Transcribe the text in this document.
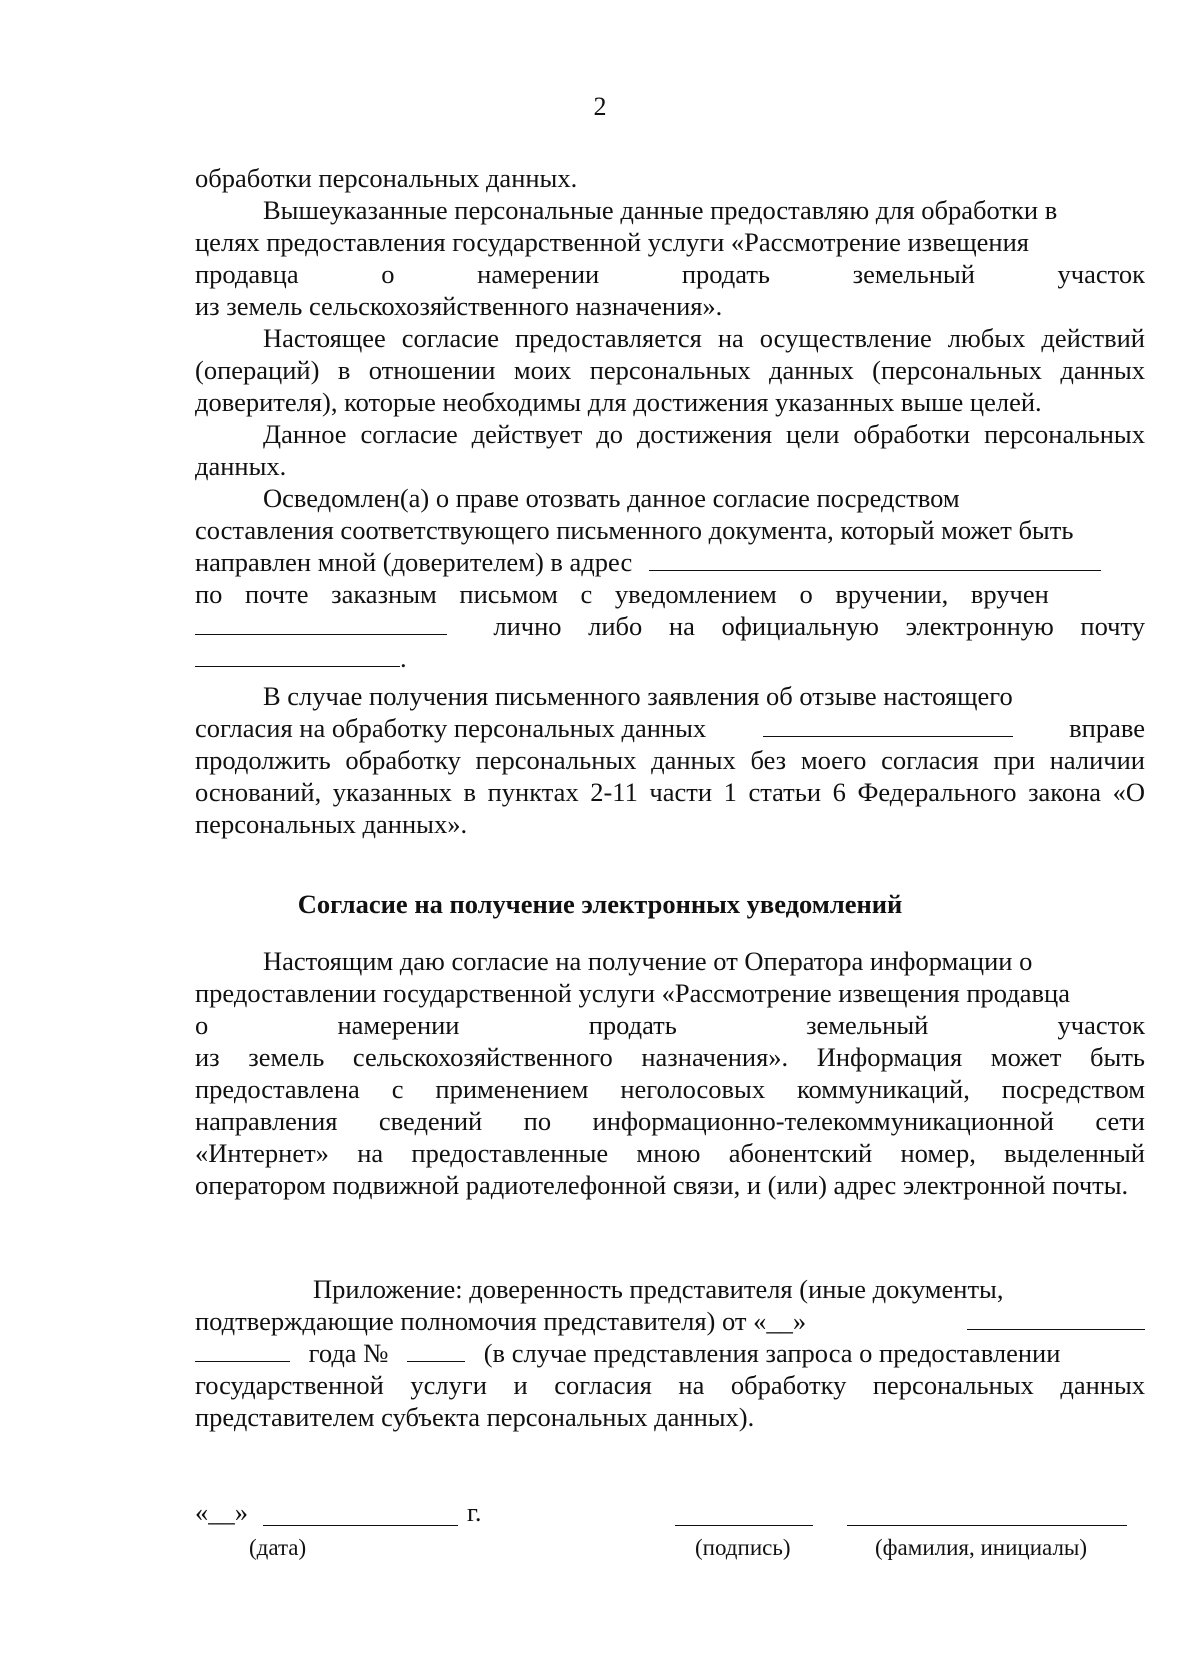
2

обработки персональных данных.

Вышеуказанные персональные данные предоставляю для обработки в

целях предоставления государственной услуги «Рассмотрение извещения

продавца	о	намерении	продать	земельный	участок

из земель сельскохозяйственного назначения».

Настоящее согласие предоставляется на осуществление любых действий (операций) в отношении моих персональных данных (персональных данных доверителя), которые необходимы для достижения указанных выше целей.

Данное согласие действует до достижения цели обработки персональных данных.

Осведомлен(а) о праве отозвать данное согласие посредством

составления соответствующего письменного документа, который может быть

направлен мной (доверителем) в адрес
по почте заказным письмом с уведомлением о вручении, вручен
лично либо на официальную электронную почту
.

В случае получения письменного заявления об отзыве настоящего

согласия на обработку персональных данных	вправе

продолжить обработку персональных данных без моего согласия при наличии оснований, указанных в пунктах 2-11 части 1 статьи 6 Федерального закона «О персональных данных».

Согласие на получение электронных уведомлений

Настоящим даю согласие на получение от Оператора информации о

предоставлении государственной услуги «Рассмотрение извещения продавца

о	намерении	продать	земельный	участок

из земель сельскохозяйственного назначения». Информация может быть предоставлена с применением неголосовых коммуникаций, посредством направления сведений по информационно-телекоммуникационной сети «Интернет» на предоставленные мною абонентский номер, выделенный оператором подвижной радиотелефонной связи, и (или) адрес электронной почты.

Приложение: доверенность представителя (иные документы,

подтверждающие полномочия представителя) от «__»
года №	(в случае представления запроса о предоставлении

государственной услуги и согласия на обработку персональных данных представителем субъекта персональных данных).

«__»	г.
(дата)	(подпись)	(фамилия, инициалы)
